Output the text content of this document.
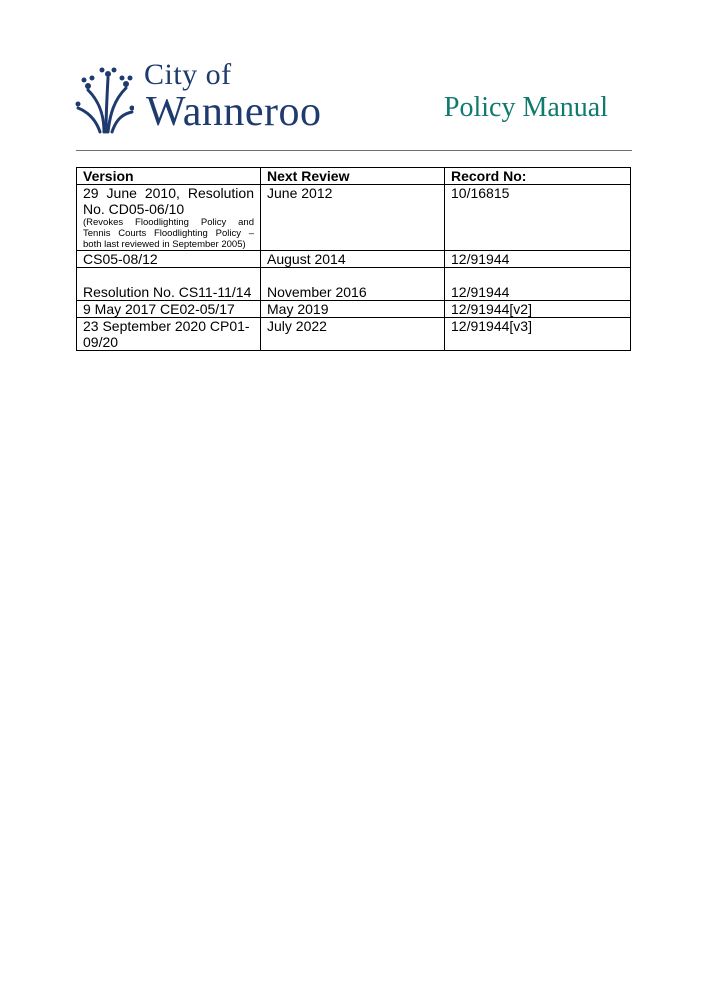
City of
Wanneroo	Policy Manual
Version	Next Review	Record No:

29 June 2010, Resolution No. CD05-06/10
(Revokes Floodlighting Policy and Tennis Courts Floodlighting Policy – both last reviewed in September 2005)	June 2012	10/16815
CS05-08/12	August 2014	12/91944

Resolution No. CS11-11/14	November 2016	12/91944
9 May 2017 CE02-05/17	May 2019	12/91944[v2]
23 September 2020 CP01-09/20	July 2022	12/91944[v3]
